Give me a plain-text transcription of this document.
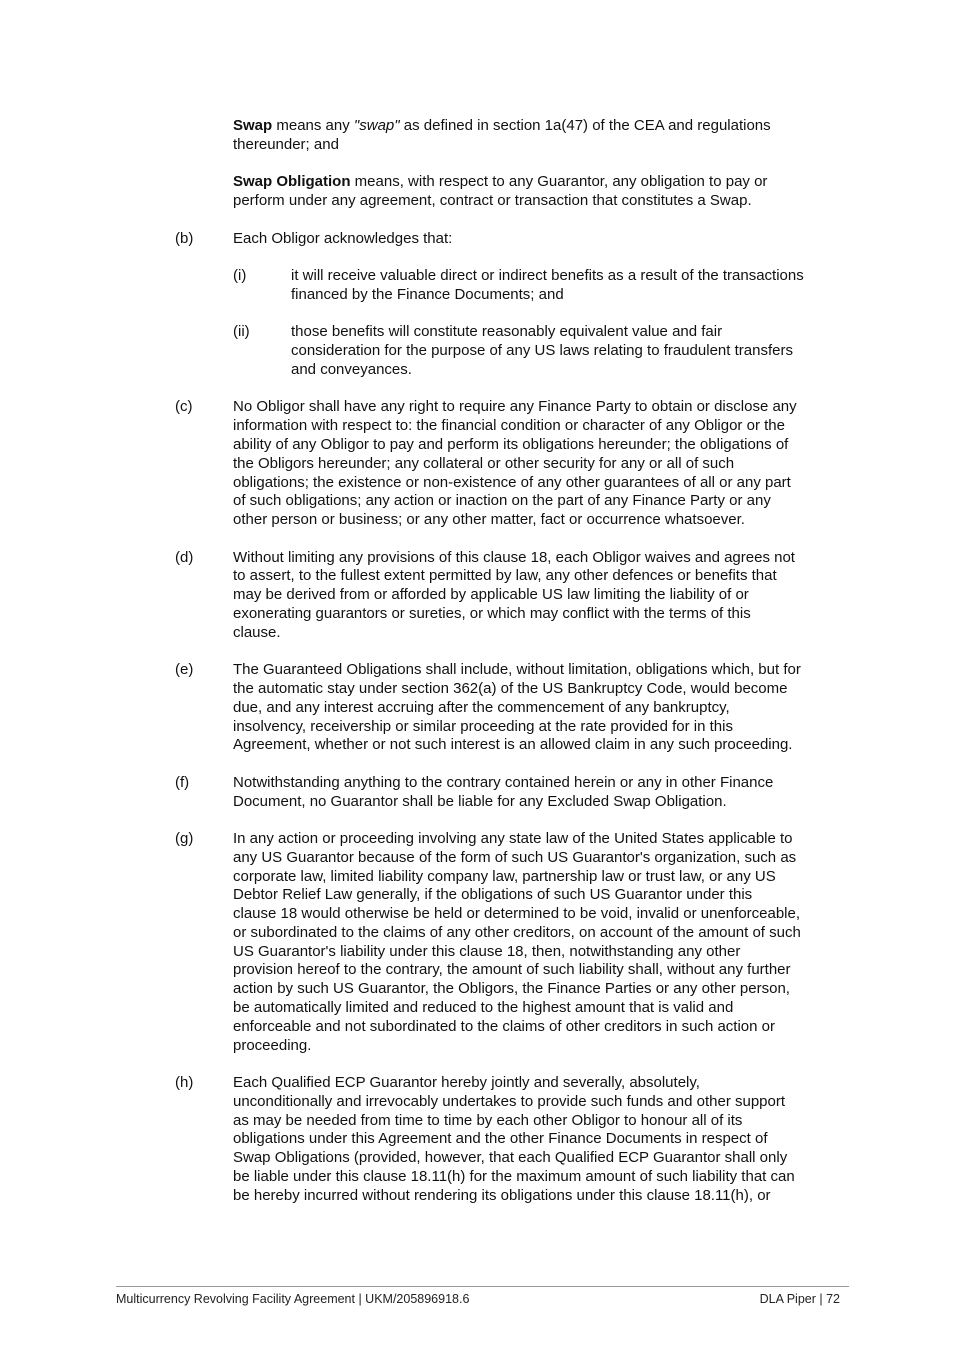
Swap means any "swap" as defined in section 1a(47) of the CEA and regulations
thereunder; and
Swap Obligation means, with respect to any Guarantor, any obligation to pay or
perform under any agreement, contract or transaction that constitutes a Swap.
(b)	Each Obligor acknowledges that:
(i)	it will receive valuable direct or indirect benefits as a result of the transactions
financed by the Finance Documents; and
(ii)	those benefits will constitute reasonably equivalent value and fair
consideration for the purpose of any US laws relating to fraudulent transfers
and conveyances.
(c)	No Obligor shall have any right to require any Finance Party to obtain or disclose any
information with respect to: the financial condition or character of any Obligor or the
ability of any Obligor to pay and perform its obligations hereunder; the obligations of
the Obligors hereunder; any collateral or other security for any or all of such
obligations; the existence or non-existence of any other guarantees of all or any part
of such obligations; any action or inaction on the part of any Finance Party or any
other person or business; or any other matter, fact or occurrence whatsoever.
(d)	Without limiting any provisions of this clause 18, each Obligor waives and agrees not
to assert, to the fullest extent permitted by law, any other defences or benefits that
may be derived from or afforded by applicable US law limiting the liability of or
exonerating guarantors or sureties, or which may conflict with the terms of this
clause.
(e)	The Guaranteed Obligations shall include, without limitation, obligations which, but for
the automatic stay under section 362(a) of the US Bankruptcy Code, would become
due, and any interest accruing after the commencement of any bankruptcy,
insolvency, receivership or similar proceeding at the rate provided for in this
Agreement, whether or not such interest is an allowed claim in any such proceeding.
(f)	Notwithstanding anything to the contrary contained herein or any in other Finance
Document, no Guarantor shall be liable for any Excluded Swap Obligation.
(g)	In any action or proceeding involving any state law of the United States applicable to
any US Guarantor because of the form of such US Guarantor's organization, such as
corporate law, limited liability company law, partnership law or trust law, or any US
Debtor Relief Law generally, if the obligations of such US Guarantor under this
clause 18 would otherwise be held or determined to be void, invalid or unenforceable,
or subordinated to the claims of any other creditors, on account of the amount of such
US Guarantor's liability under this clause 18, then, notwithstanding any other
provision hereof to the contrary, the amount of such liability shall, without any further
action by such US Guarantor, the Obligors, the Finance Parties or any other person,
be automatically limited and reduced to the highest amount that is valid and
enforceable and not subordinated to the claims of other creditors in such action or
proceeding.
(h)	Each Qualified ECP Guarantor hereby jointly and severally, absolutely,
unconditionally and irrevocably undertakes to provide such funds and other support
as may be needed from time to time by each other Obligor to honour all of its
obligations under this Agreement and the other Finance Documents in respect of
Swap Obligations (provided, however, that each Qualified ECP Guarantor shall only
be liable under this clause 18.11(h) for the maximum amount of such liability that can
be hereby incurred without rendering its obligations under this clause 18.11(h), or
Multicurrency Revolving Facility Agreement | UKM/205896918.6	DLA Piper | 72
